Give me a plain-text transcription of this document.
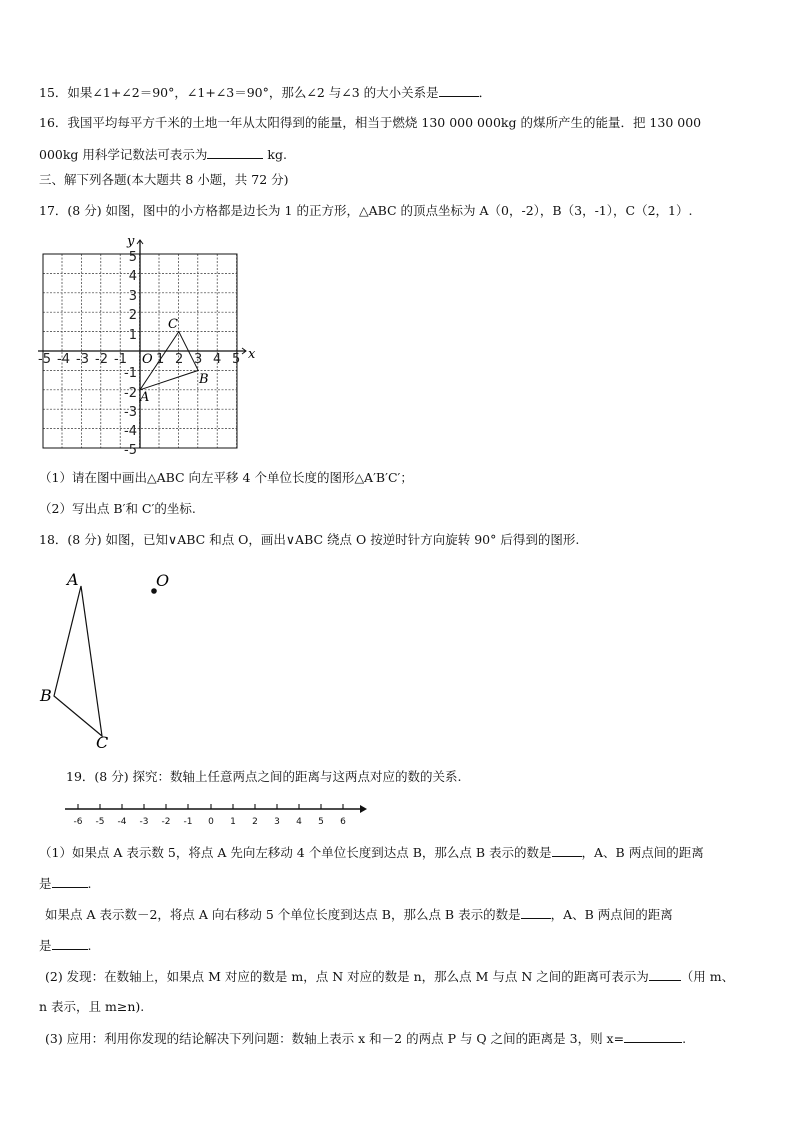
15．如果∠1+∠2＝90°，∠1+∠3＝90°，那么∠2 与∠3 的大小关系是	．
16．我国平均每平方千米的土地一年从太阳得到的能量，相当于燃烧 130 000 000kg 的煤所产生的能量．把 130 000
000kg 用科学记数法可表示为	kg.
三、解下列各题(本大题共 8 小题，共 72 分)
17．(8 分) 如图，图中的小方格都是边长为 1 的正方形，△ABC 的顶点坐标为 A（0，-2），B（3，-1），C（2，1）.
x
y
O
-5 -4 -3 -2 -1 1 2 3 4 5
5
4
3
2
1
-1
-2
-3
-4
-5
A
B
C
（1）请在图中画出△ABC 向左平移 4 个单位长度的图形△A′B′C′；
（2）写出点 B′和 C′的坐标.
18．(8 分) 如图，已知∨ABC 和点 O，画出∨ABC 绕点 O 按逆时针方向旋转 90° 后得到的图形.
A
B
C
O
19．(8 分) 探究：数轴上任意两点之间的距离与这两点对应的数的关系.
-6 -5 -4 -3 -2 -1 0 1 2 3 4 5 6
（1）如果点 A 表示数 5，将点 A 先向左移动 4 个单位长度到达点 B，那么点 B 表示的数是 ，A、B 两点间的距离
是	.
如果点 A 表示数－2，将点 A 向右移动 5 个单位长度到达点 B，那么点 B 表示的数是 ，A、B 两点间的距离
是	.
(2) 发现：在数轴上，如果点 M 对应的数是 m，点 N 对应的数是 n，那么点 M 与点 N 之间的距离可表示为	（用 m、
n 表示，且 m≥n).
(3) 应用：利用你发现的结论解决下列问题：数轴上表示 x 和－2 的两点 P 与 Q 之间的距离是 3，则 x=	.
